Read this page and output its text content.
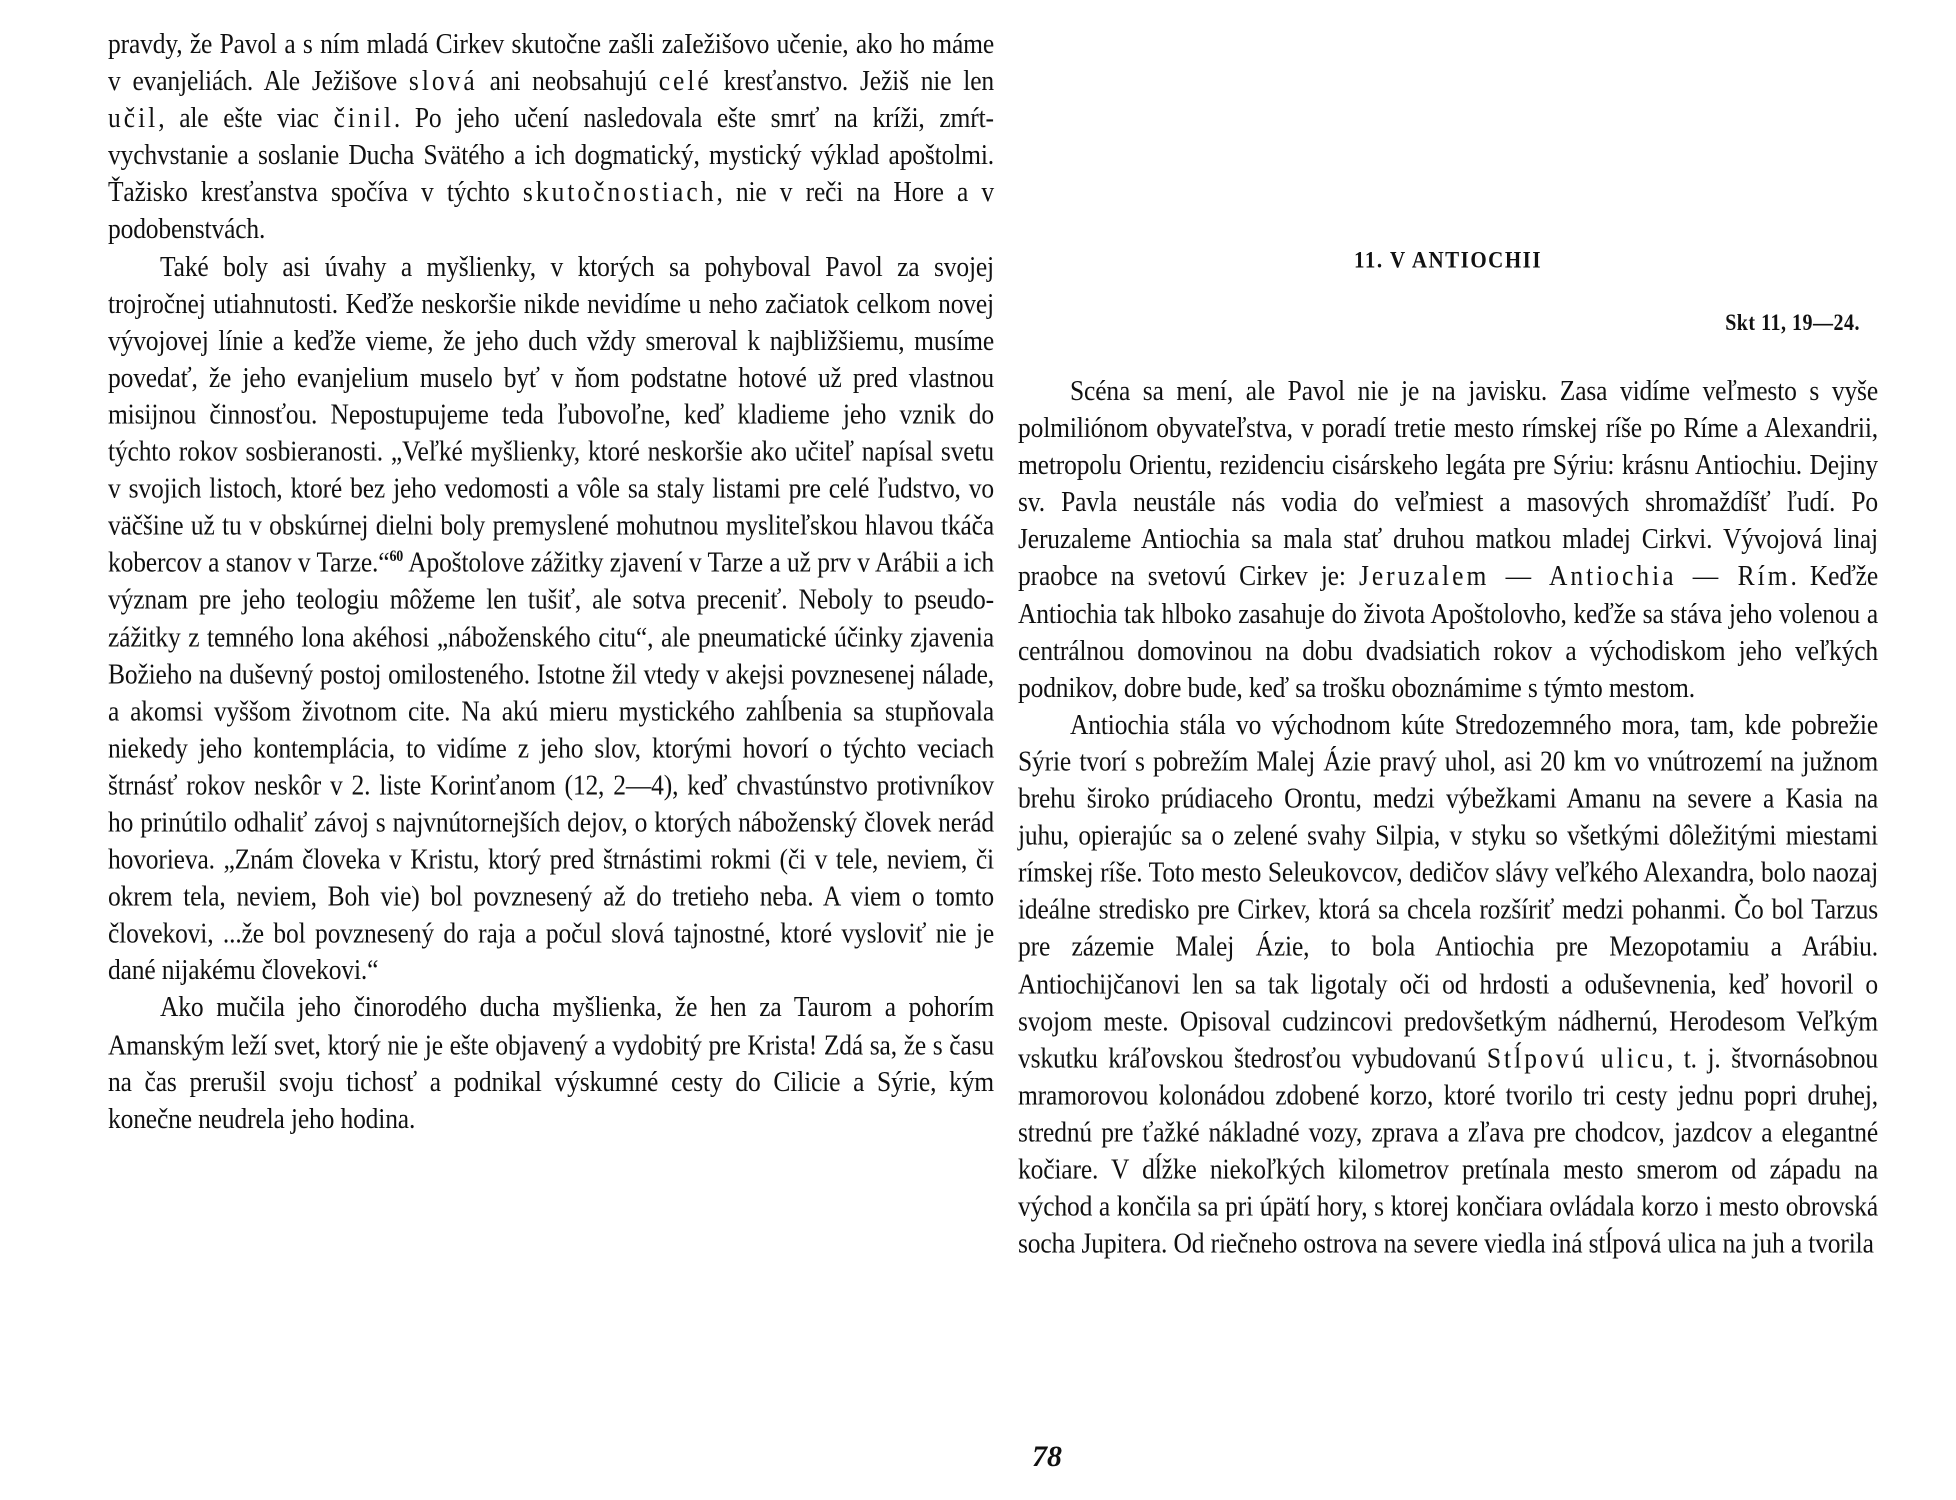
pravdy, že Pavol a s ním mladá Cirkev skutočne zašli zaIežišovo učenie, ako ho máme v evanjeliách. Ale Ježišove slová ani neobsahujú celé kresťanstvo. Ježiš nie len učil, ale ešte viac činil. Po jeho učení nasledovala ešte smrť na kríži, zmŕtvychvstanie a soslanie Ducha Svätého a ich dogmatický, mystický výklad apoštolmi. Ťažisko kresťanstva spočíva v týchto skutočnostiach, nie v reči na Hore a v podobenstvách.

Také boly asi úvahy a myšlienky, v ktorých sa pohyboval Pavol za svojej trojročnej utiahnutosti. Keďže neskoršie nikde nevidíme u neho začiatok celkom novej vývojovej línie a keďže vieme, že jeho duch vždy smeroval k najbližšiemu, musíme povedať, že jeho evanjelium muselo byť v ňom podstatne hotové už pred vlastnou misijnou činnosťou. Nepostupujeme teda ľubovoľne, keď kladieme jeho vznik do týchto rokov sosbieranosti. „Veľké myšlienky, ktoré neskoršie ako učiteľ napísal svetu v svojich listoch, ktoré bez jeho vedomosti a vôle sa staly listami pre celé ľudstvo, vo väčšine už tu v obskúrnej dielni boly premyslené mohutnou mysliteľskou hlavou tkáča kobercov a stanov v Tarze.“$^{60}$ Apoštolove zážitky zjavení v Tarze a už prv v Arábii a ich význam pre jeho teologiu môžeme len tušiť, ale sotva preceniť. Neboly to pseudo-zážitky z temného lona akéhosi „náboženského citu“, ale pneumatické účinky zjavenia Božieho na duševný postoj omilosteného. Istotne žil vtedy v akejsi povznesenej nálade, a akomsi vyššom životnom cite. Na akú mieru mystického zahĺbenia sa stupňovala niekedy jeho kontemplácia, to vidíme z jeho slov, ktorými hovorí o týchto veciach štrnásť rokov neskôr v 2. liste Korinťanom (12, 2—4), keď chvastúnstvo protivníkov ho prinútilo odhaliť závoj s najvnútornejších dejov, o ktorých náboženský človek nerád hovorieva. „Znám človeka v Kristu, ktorý pred štrnástimi rokmi (či v tele, neviem, či okrem tela, neviem, Boh vie) bol povznesený až do tretieho neba. A viem o tomto človekovi, ...že bol povznesený do raja a počul slová tajnostné, ktoré vysloviť nie je dané nijakému človekovi.“

Ako mučila jeho činorodého ducha myšlienka, že hen za Taurom a pohorím Amanským leží svet, ktorý nie je ešte objavený a vydobitý pre Krista! Zdá sa, že s času na čas prerušil svoju tichosť a podnikal výskumné cesty do Cilicie a Sýrie, kým konečne neudrela jeho hodina.

11. V ANTIOCHII
Skt 11, 19—24.

Scéna sa mení, ale Pavol nie je na javisku. Zasa vidíme veľmesto s vyše polmiliónom obyvateľstva, v poradí tretie mesto rímskej ríše po Ríme a Alexandrii, metropolu Orientu, rezidenciu cisárskeho legáta pre Sýriu: krásnu Antiochiu. Dejiny sv. Pavla neustále nás vodia do veľmiest a masových shromaždíšť ľudí. Po Jeruzaleme Antiochia sa mala stať druhou matkou mladej Cirkvi. Vývojová linaj praobce na svetovú Cirkev je: Jeruzalem — Antiochia — Rím. Keďže Antiochia tak hlboko zasahuje do života Apoštolovho, keďže sa stáva jeho volenou a centrálnou domovinou na dobu dvadsiatich rokov a východiskom jeho veľkých podnikov, dobre bude, keď sa trošku oboznámime s týmto mestom.

Antiochia stála vo východnom kúte Stredozemného mora, tam, kde pobrežie Sýrie tvorí s pobrežím Malej Ázie pravý uhol, asi 20 km vo vnútrozemí na južnom brehu široko prúdiaceho Orontu, medzi výbežkami Amanu na severe a Kasia na juhu, opierajúc sa o zelené svahy Silpia, v styku so všetkými dôležitými miestami rímskej ríše. Toto mesto Seleukovcov, dedičov slávy veľkého Alexandra, bolo naozaj ideálne stredisko pre Cirkev, ktorá sa chcela rozšíriť medzi pohanmi. Čo bol Tarzus pre zázemie Malej Ázie, to bola Antiochia pre Mezopotamiu a Arábiu. Antiochijčanovi len sa tak ligotaly oči od hrdosti a oduševnenia, keď hovoril o svojom meste. Opisoval cudzincovi predovšetkým nádhernú, Herodesom Veľkým vskutku kráľovskou štedrosťou vybudovanú Stĺpovú ulicu, t. j. štvornásobnou mramorovou kolonádou zdobené korzo, ktoré tvorilo tri cesty jednu popri druhej, strednú pre ťažké nákladné vozy, zprava a zľava pre chodcov, jazdcov a elegantné kočiare. V dĺžke niekoľkých kilometrov pretínala mesto smerom od západu na východ a končila sa pri úpätí hory, s ktorej končiara ovládala korzo i mesto obrovská socha Jupitera. Od riečneho ostrova na severe viedla iná stĺpová ulica na juh a tvorila

78
